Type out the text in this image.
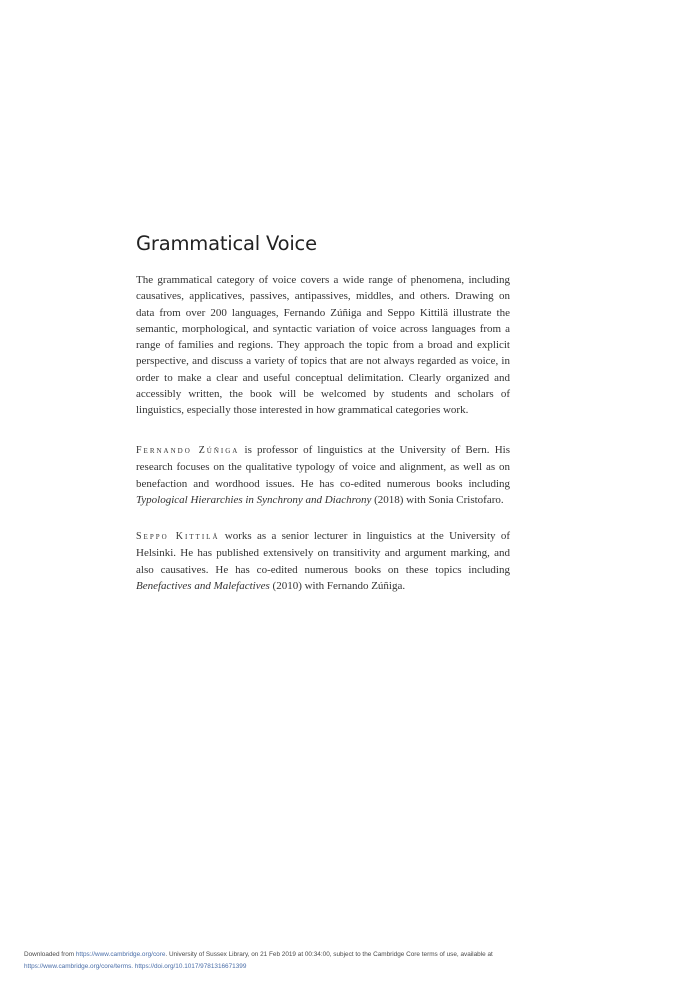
Grammatical Voice

The grammatical category of voice covers a wide range of phenomena, including causatives, applicatives, passives, antipassives, middles, and others. Drawing on data from over 200 languages, Fernando Zúñiga and Seppo Kittilä illustrate the semantic, morphological, and syntactic variation of voice across languages from a range of families and regions. They approach the topic from a broad and explicit perspective, and discuss a variety of topics that are not always regarded as voice, in order to make a clear and useful conceptual delimitation. Clearly organized and accessibly written, the book will be welcomed by students and scholars of linguistics, especially those interested in how grammatical categories work.

Fernando Zúñiga is professor of linguistics at the University of Bern. His research focuses on the qualitative typology of voice and alignment, as well as on benefaction and wordhood issues. He has co-edited numerous books including Typological Hierarchies in Synchrony and Diachrony (2018) with Sonia Cristofaro.

Seppo Kittilä works as a senior lecturer in linguistics at the University of Helsinki. He has published extensively on transitivity and argument marking, and also causatives. He has co-edited numerous books on these topics including Benefactives and Malefactives (2010) with Fernando Zúñiga.

Downloaded from https://www.cambridge.org/core. University of Sussex Library, on 21 Feb 2019 at 00:34:00, subject to the Cambridge Core terms of use, available at
https://www.cambridge.org/core/terms. https://doi.org/10.1017/9781316671399
